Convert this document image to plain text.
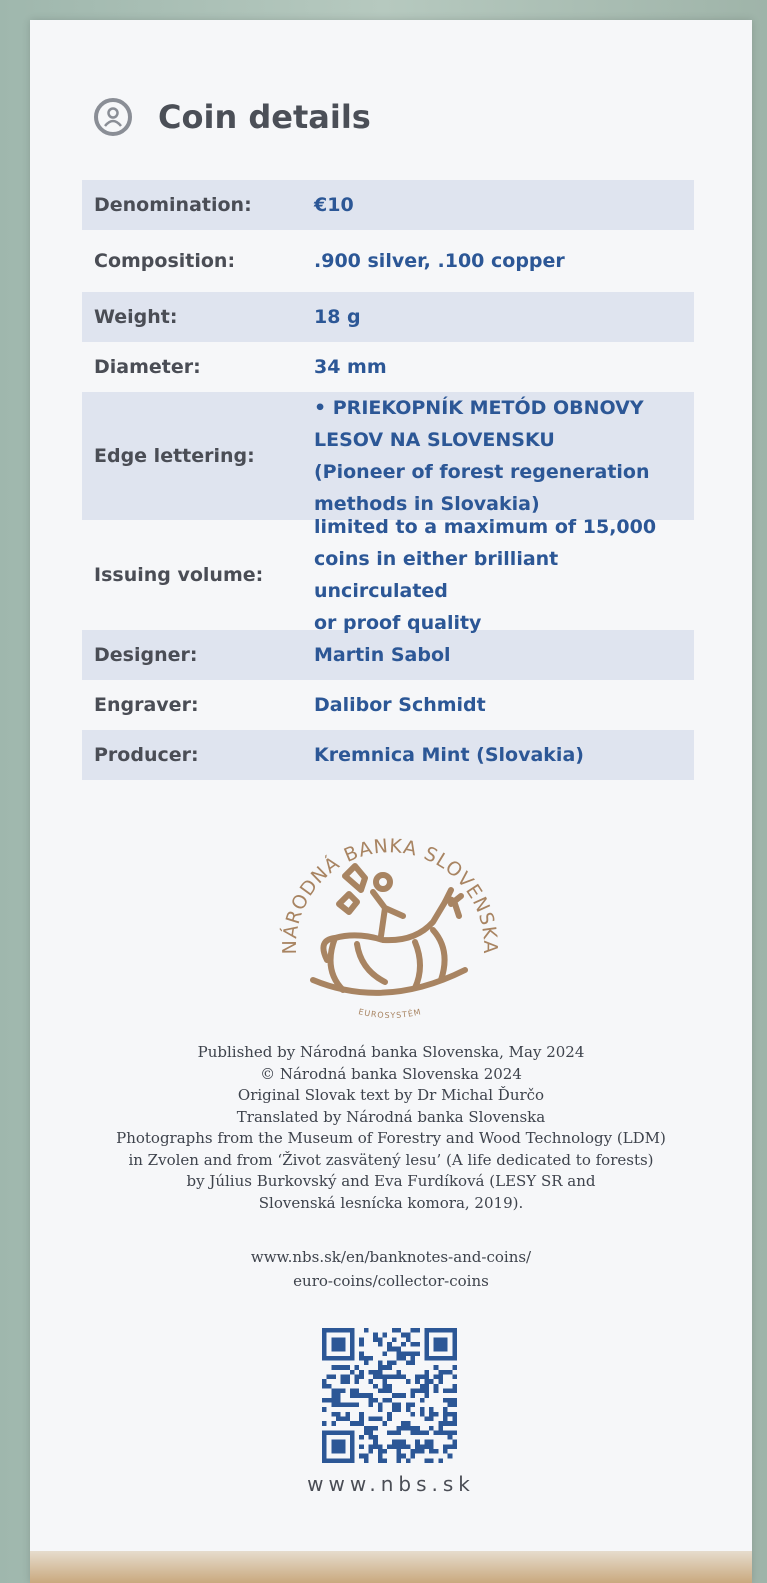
Coin details
Denomination:	€10
Composition:	.900 silver, .100 copper
Weight:	18 g
Diameter:	34 mm
Edge lettering:
• PRIEKOPNÍK METÓD OBNOVY
LESOV NA SLOVENSKU
(Pioneer of forest regeneration
methods in Slovakia)
Issuing volume:
limited to a maximum of 15,000
coins in either brilliant uncirculated
or proof quality
Designer:	Martin Sabol
Engraver:	Dalibor Schmidt
Producer:	Kremnica Mint (Slovakia)
NÁRODNÁ BANKA SLOVENSKA
EUROSYSTÉM
Published by Národná banka Slovenska, May 2024
© Národná banka Slovenska 2024
Original Slovak text by Dr Michal Ďurčo
Translated by Národná banka Slovenska
Photographs from the Museum of Forestry and Wood Technology (LDM)
in Zvolen and from ‘Život zasvätený lesu’ (A life dedicated to forests)
by Július Burkovský and Eva Furdíková (LESY SR and
Slovenská lesnícka komora, 2019).
www.nbs.sk/en/banknotes-and-coins/
euro-coins/collector-coins
www.nbs.sk
